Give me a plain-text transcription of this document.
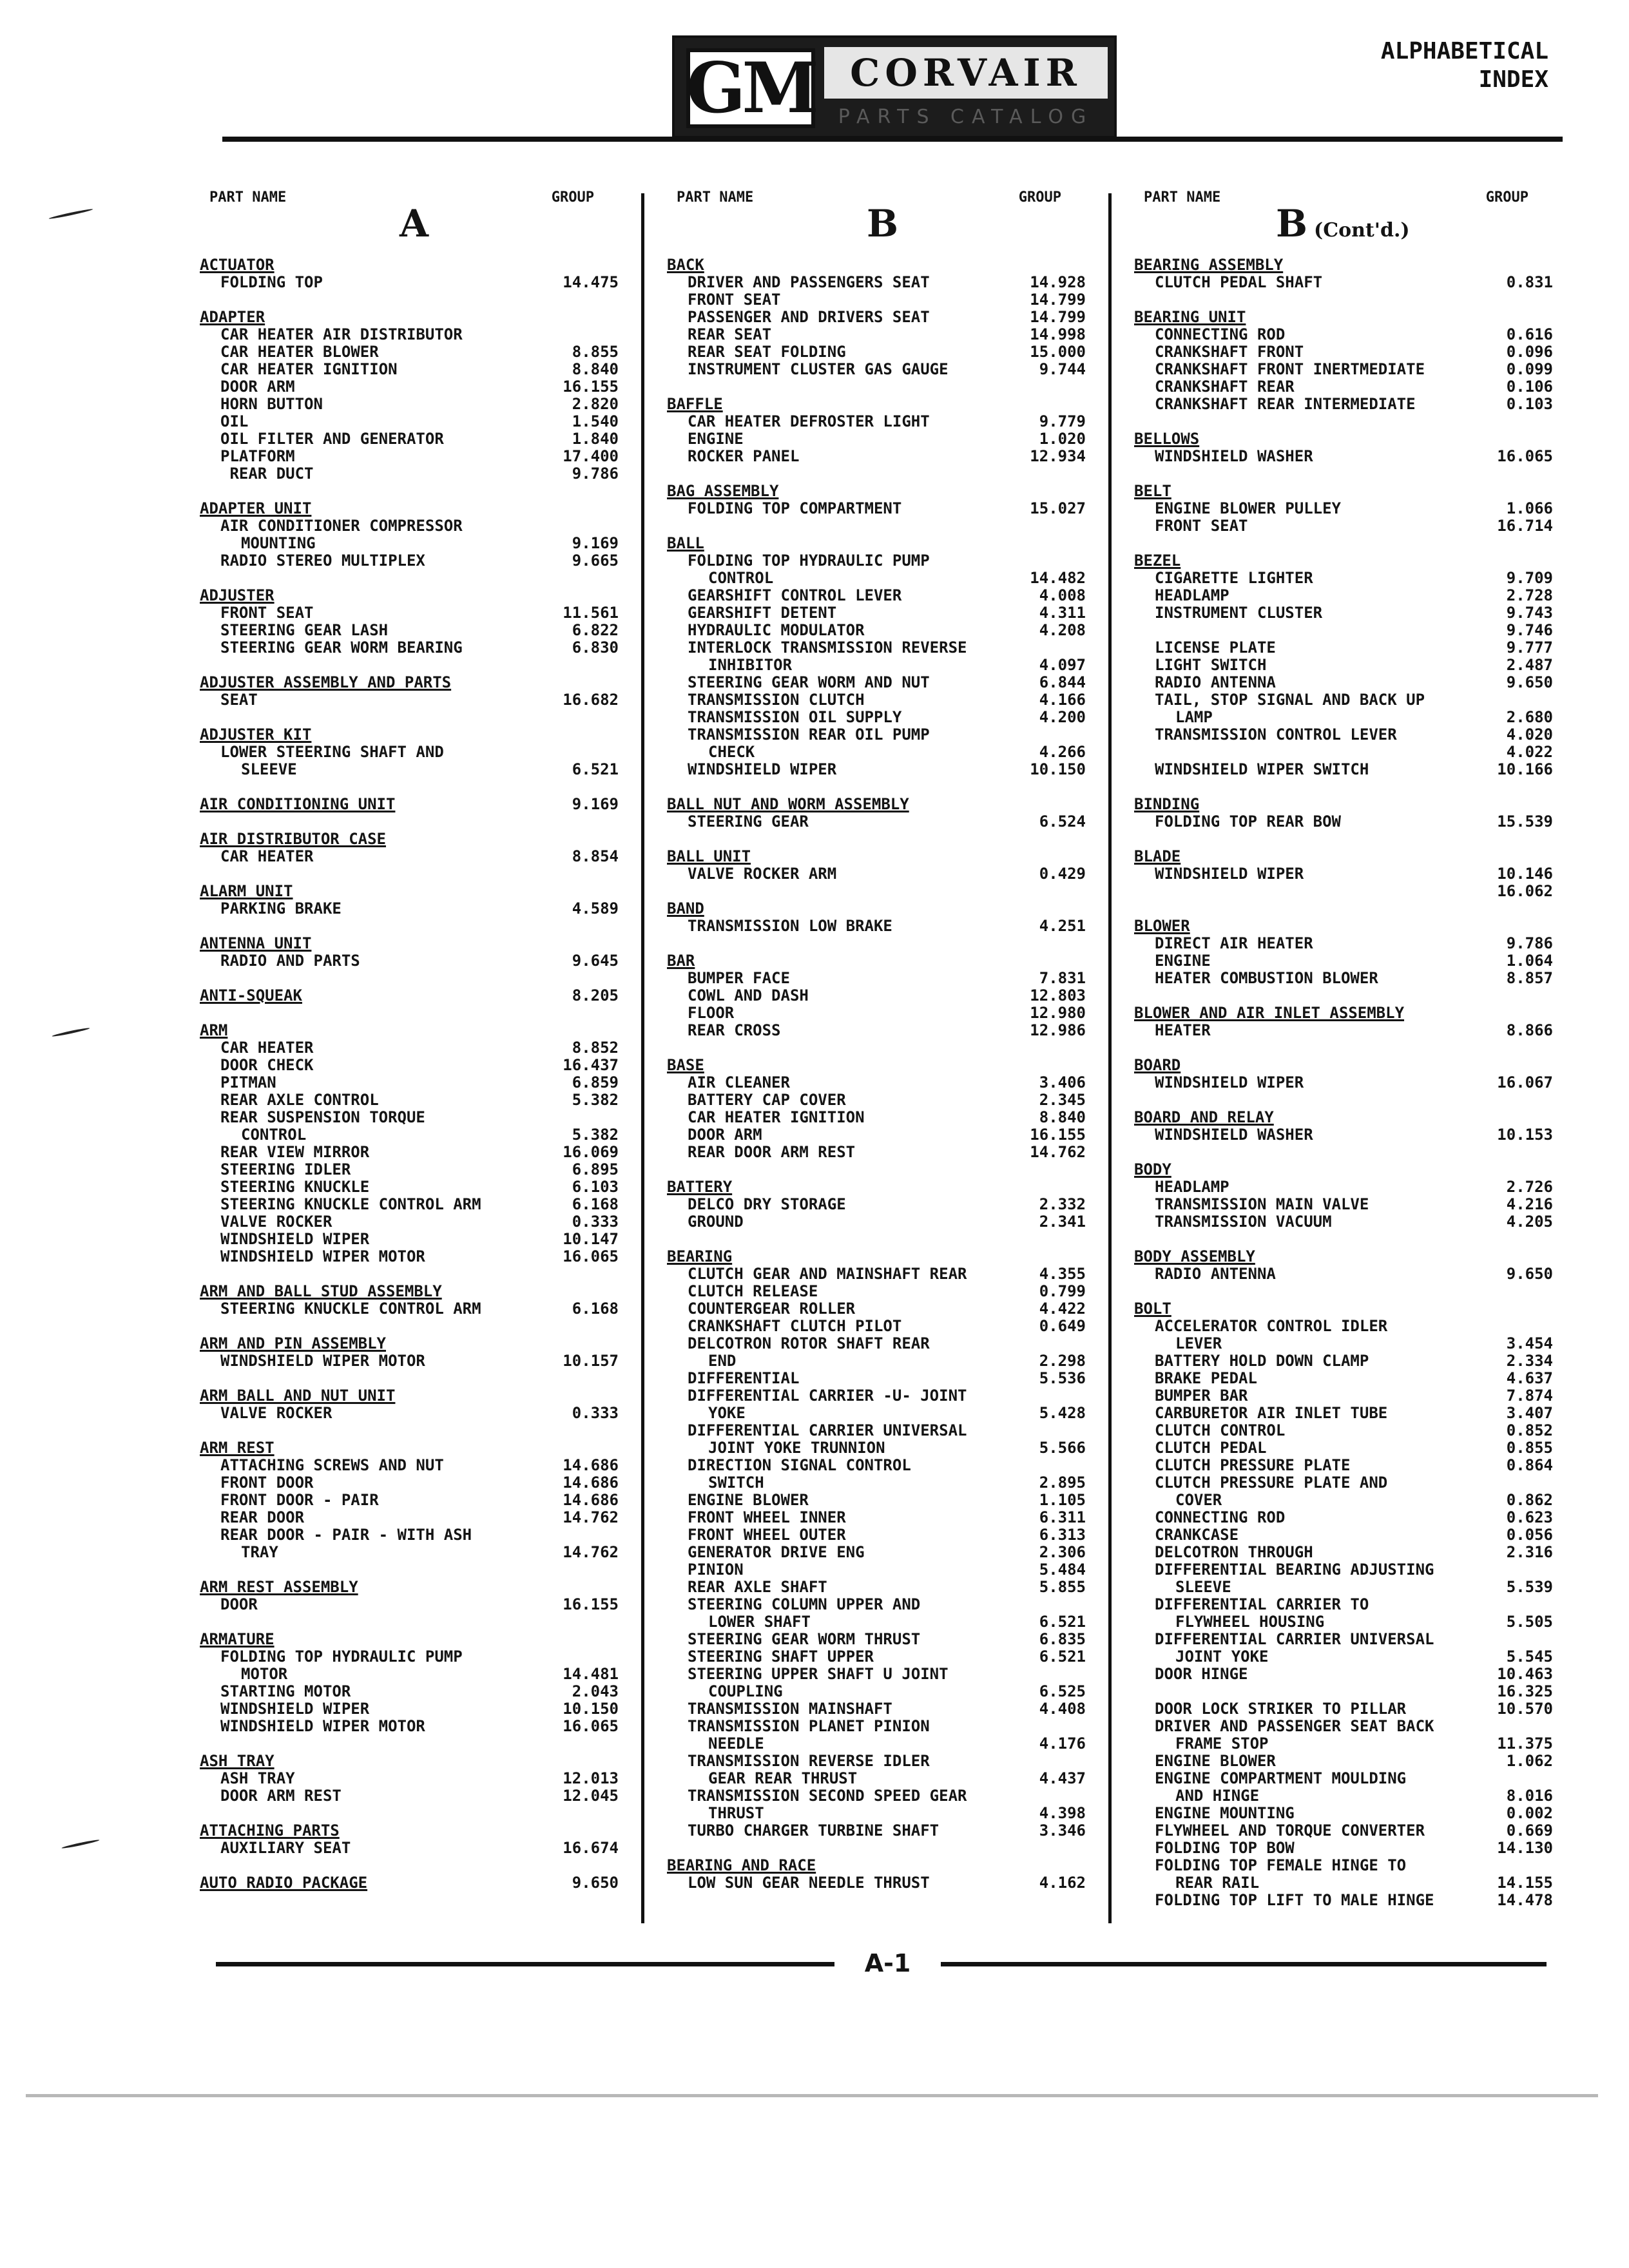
GM CORVAIR
PARTS CATALOG
ALPHABETICAL
INDEX
PART NAME
A
GROUP
ACTUATOR
FOLDING TOP	14.475
ADAPTER
CAR HEATER AIR DISTRIBUTOR
CAR HEATER BLOWER	8.855
CAR HEATER IGNITION	8.840
DOOR ARM	16.155
HORN BUTTON	2.820
OIL	1.540
OIL FILTER AND GENERATOR	1.840
PLATFORM	17.400
REAR DUCT	9.786
ADAPTER UNIT
AIR CONDITIONER COMPRESSOR
MOUNTING	9.169
RADIO STEREO MULTIPLEX	9.665
ADJUSTER
FRONT SEAT	11.561
STEERING GEAR LASH	6.822
STEERING GEAR WORM BEARING	6.830
ADJUSTER ASSEMBLY AND PARTS
SEAT	16.682
ADJUSTER KIT
LOWER STEERING SHAFT AND
SLEEVE	6.521
AIR CONDITIONING UNIT	9.169
AIR DISTRIBUTOR CASE
CAR HEATER	8.854
ALARM UNIT
PARKING BRAKE	4.589
ANTENNA UNIT
RADIO AND PARTS	9.645
ANTI-SQUEAK	8.205
ARM
CAR HEATER	8.852
DOOR CHECK	16.437
PITMAN	6.859
REAR AXLE CONTROL	5.382
REAR SUSPENSION TORQUE
CONTROL	5.382
REAR VIEW MIRROR	16.069
STEERING IDLER	6.895
STEERING KNUCKLE	6.103
STEERING KNUCKLE CONTROL ARM	6.168
VALVE ROCKER	0.333
WINDSHIELD WIPER	10.147
WINDSHIELD WIPER MOTOR	16.065
ARM AND BALL STUD ASSEMBLY
STEERING KNUCKLE CONTROL ARM	6.168
ARM AND PIN ASSEMBLY
WINDSHIELD WIPER MOTOR	10.157
ARM BALL AND NUT UNIT
VALVE ROCKER	0.333
ARM REST
ATTACHING SCREWS AND NUT	14.686
FRONT DOOR	14.686
FRONT DOOR - PAIR	14.686
REAR DOOR	14.762
REAR DOOR - PAIR - WITH ASH
TRAY	14.762
ARM REST ASSEMBLY
DOOR	16.155
ARMATURE
FOLDING TOP HYDRAULIC PUMP
MOTOR	14.481
STARTING MOTOR	2.043
WINDSHIELD WIPER	10.150
WINDSHIELD WIPER MOTOR	16.065
ASH TRAY
ASH TRAY	12.013
DOOR ARM REST	12.045
ATTACHING PARTS
AUXILIARY SEAT	16.674
AUTO RADIO PACKAGE	9.650
PART NAME
B
GROUP
BACK
DRIVER AND PASSENGERS SEAT	14.928
FRONT SEAT	14.799
PASSENGER AND DRIVERS SEAT	14.799
REAR SEAT	14.998
REAR SEAT FOLDING	15.000
INSTRUMENT CLUSTER GAS GAUGE	9.744
BAFFLE
CAR HEATER DEFROSTER LIGHT	9.779
ENGINE	1.020
ROCKER PANEL	12.934
BAG ASSEMBLY
FOLDING TOP COMPARTMENT	15.027
BALL
FOLDING TOP HYDRAULIC PUMP
CONTROL	14.482
GEARSHIFT CONTROL LEVER	4.008
GEARSHIFT DETENT	4.311
HYDRAULIC MODULATOR	4.208
INTERLOCK TRANSMISSION REVERSE
INHIBITOR	4.097
STEERING GEAR WORM AND NUT	6.844
TRANSMISSION CLUTCH	4.166
TRANSMISSION OIL SUPPLY	4.200
TRANSMISSION REAR OIL PUMP
CHECK	4.266
WINDSHIELD WIPER	10.150
BALL NUT AND WORM ASSEMBLY
STEERING GEAR	6.524
BALL UNIT
VALVE ROCKER ARM	0.429
BAND
TRANSMISSION LOW BRAKE	4.251
BAR
BUMPER FACE	7.831
COWL AND DASH	12.803
FLOOR	12.980
REAR CROSS	12.986
BASE
AIR CLEANER	3.406
BATTERY CAP COVER	2.345
CAR HEATER IGNITION	8.840
DOOR ARM	16.155
REAR DOOR ARM REST	14.762
BATTERY
DELCO DRY STORAGE	2.332
GROUND	2.341
BEARING
CLUTCH GEAR AND MAINSHAFT REAR	4.355
CLUTCH RELEASE	0.799
COUNTERGEAR ROLLER	4.422
CRANKSHAFT CLUTCH PILOT	0.649
DELCOTRON ROTOR SHAFT REAR
END	2.298
DIFFERENTIAL	5.536
DIFFERENTIAL CARRIER -U- JOINT
YOKE	5.428
DIFFERENTIAL CARRIER UNIVERSAL
JOINT YOKE TRUNNION	5.566
DIRECTION SIGNAL CONTROL
SWITCH	2.895
ENGINE BLOWER	1.105
FRONT WHEEL INNER	6.311
FRONT WHEEL OUTER	6.313
GENERATOR DRIVE ENG	2.306
PINION	5.484
REAR AXLE SHAFT	5.855
STEERING COLUMN UPPER AND
LOWER SHAFT	6.521
STEERING GEAR WORM THRUST	6.835
STEERING SHAFT UPPER	6.521
STEERING UPPER SHAFT U JOINT
COUPLING	6.525
TRANSMISSION MAINSHAFT	4.408
TRANSMISSION PLANET PINION
NEEDLE	4.176
TRANSMISSION REVERSE IDLER
GEAR REAR THRUST	4.437
TRANSMISSION SECOND SPEED GEAR
THRUST	4.398
TURBO CHARGER TURBINE SHAFT	3.346
BEARING AND RACE
LOW SUN GEAR NEEDLE THRUST	4.162
PART NAME
B (Cont'd.)
GROUP
BEARING ASSEMBLY
CLUTCH PEDAL SHAFT	0.831
BEARING UNIT
CONNECTING ROD	0.616
CRANKSHAFT FRONT	0.096
CRANKSHAFT FRONT INERTMEDIATE	0.099
CRANKSHAFT REAR	0.106
CRANKSHAFT REAR INTERMEDIATE	0.103
BELLOWS
WINDSHIELD WASHER	16.065
BELT
ENGINE BLOWER PULLEY	1.066
FRONT SEAT	16.714
BEZEL
CIGARETTE LIGHTER	9.709
HEADLAMP	2.728
INSTRUMENT CLUSTER	9.743
9.746
LICENSE PLATE	9.777
LIGHT SWITCH	2.487
RADIO ANTENNA	9.650
TAIL, STOP SIGNAL AND BACK UP
LAMP	2.680
TRANSMISSION CONTROL LEVER	4.020
4.022
WINDSHIELD WIPER SWITCH	10.166
BINDING
FOLDING TOP REAR BOW	15.539
BLADE
WINDSHIELD WIPER	10.146
16.062
BLOWER
DIRECT AIR HEATER	9.786
ENGINE	1.064
HEATER COMBUSTION BLOWER	8.857
BLOWER AND AIR INLET ASSEMBLY
HEATER	8.866
BOARD
WINDSHIELD WIPER	16.067
BOARD AND RELAY
WINDSHIELD WASHER	10.153
BODY
HEADLAMP	2.726
TRANSMISSION MAIN VALVE	4.216
TRANSMISSION VACUUM	4.205
BODY ASSEMBLY
RADIO ANTENNA	9.650
BOLT
ACCELERATOR CONTROL IDLER
LEVER	3.454
BATTERY HOLD DOWN CLAMP	2.334
BRAKE PEDAL	4.637
BUMPER BAR	7.874
CARBURETOR AIR INLET TUBE	3.407
CLUTCH CONTROL	0.852
CLUTCH PEDAL	0.855
CLUTCH PRESSURE PLATE	0.864
CLUTCH PRESSURE PLATE AND
COVER	0.862
CONNECTING ROD	0.623
CRANKCASE	0.056
DELCOTRON THROUGH	2.316
DIFFERENTIAL BEARING ADJUSTING
SLEEVE	5.539
DIFFERENTIAL CARRIER TO
FLYWHEEL HOUSING	5.505
DIFFERENTIAL CARRIER UNIVERSAL
JOINT YOKE	5.545
DOOR HINGE	10.463
16.325
DOOR LOCK STRIKER TO PILLAR	10.570
DRIVER AND PASSENGER SEAT BACK
FRAME STOP	11.375
ENGINE BLOWER	1.062
ENGINE COMPARTMENT MOULDING
AND HINGE	8.016
ENGINE MOUNTING	0.002
FLYWHEEL AND TORQUE CONVERTER	0.669
FOLDING TOP BOW	14.130
FOLDING TOP FEMALE HINGE TO
REAR RAIL	14.155
FOLDING TOP LIFT TO MALE HINGE	14.478
A-1
